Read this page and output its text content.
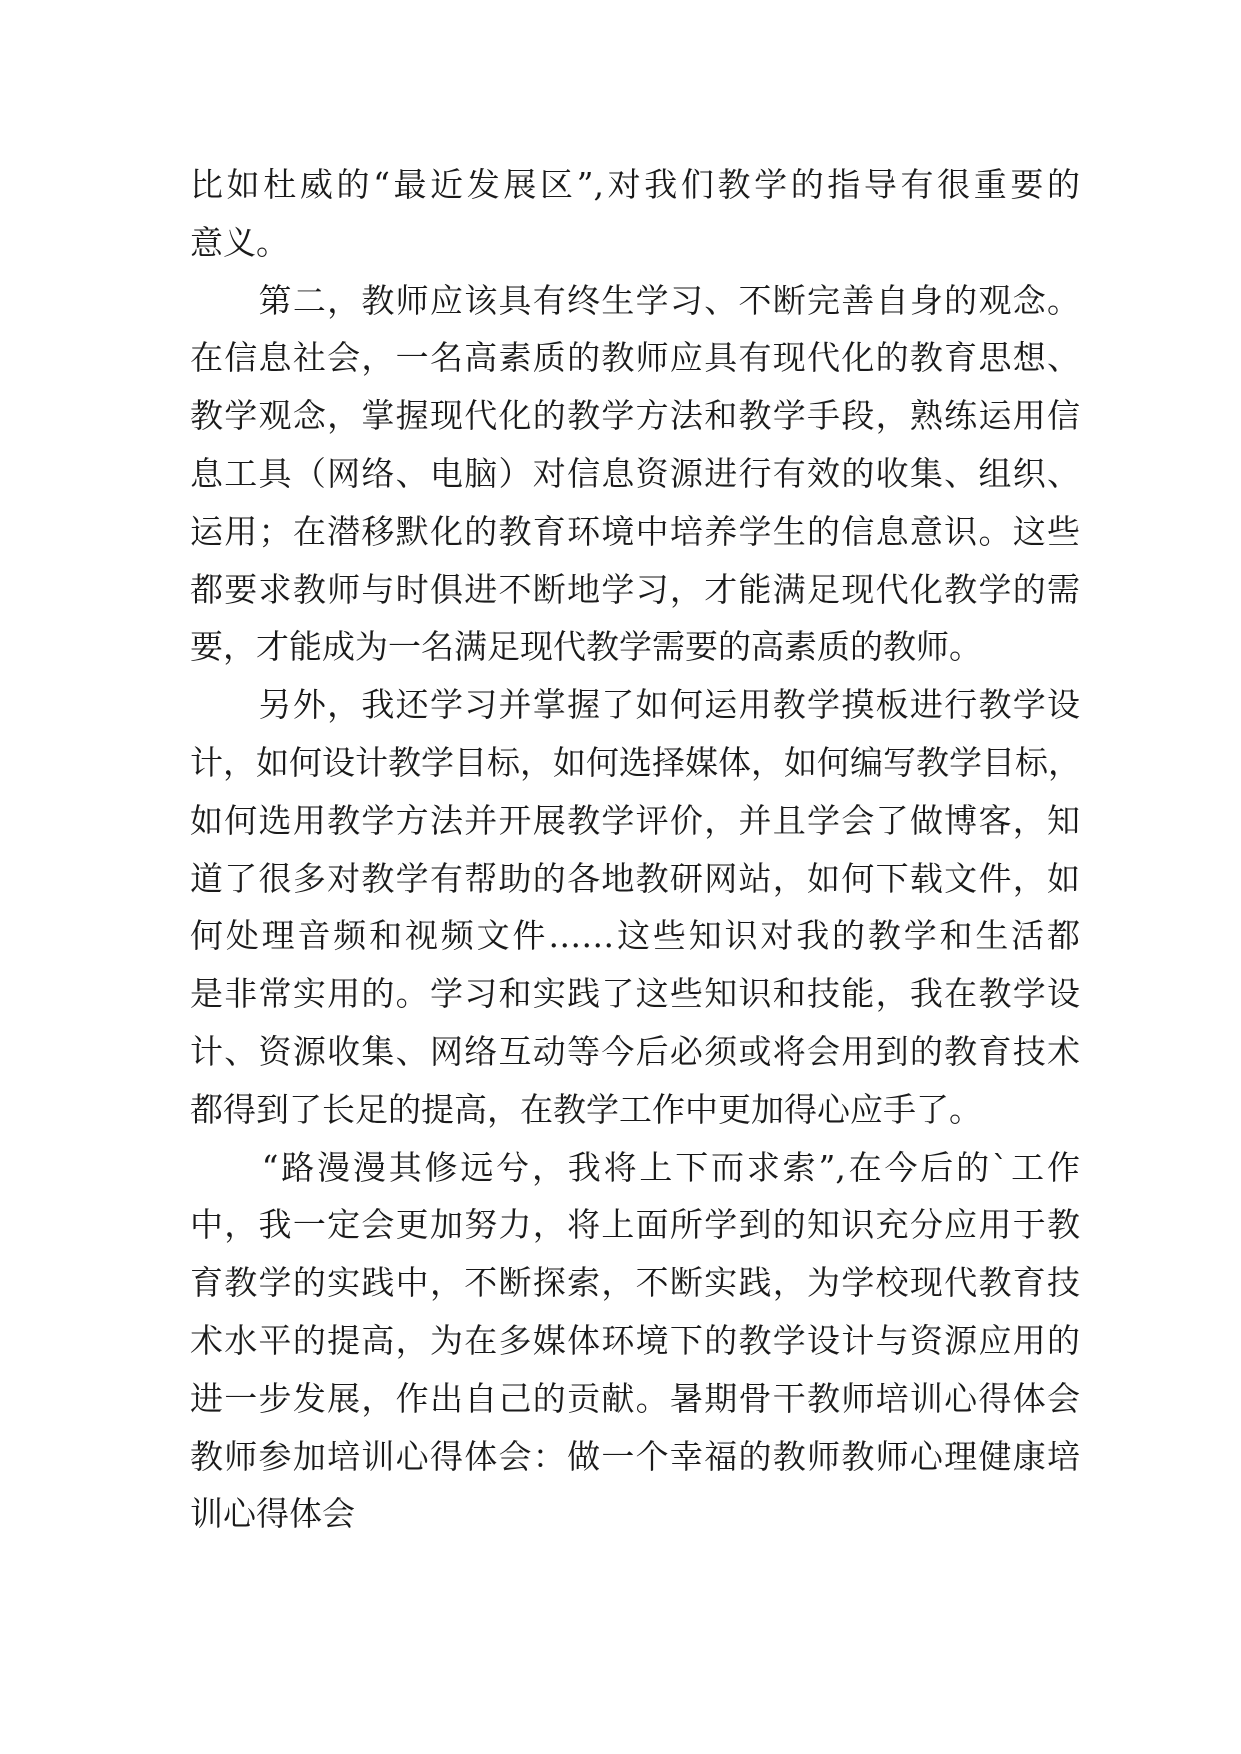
比如杜威的“最近发展区”,对我们教学的指导有很重要的
意义。
　　第二，教师应该具有终生学习、不断完善自身的观念。
在信息社会，一名高素质的教师应具有现代化的教育思想、
教学观念，掌握现代化的教学方法和教学手段，熟练运用信
息工具（网络、电脑）对信息资源进行有效的收集、组织、
运用；在潜移默化的教育环境中培养学生的信息意识。这些
都要求教师与时俱进不断地学习，才能满足现代化教学的需
要，才能成为一名满足现代教学需要的高素质的教师。
　　另外，我还学习并掌握了如何运用教学摸板进行教学设
计，如何设计教学目标，如何选择媒体，如何编写教学目标，
如何选用教学方法并开展教学评价，并且学会了做博客，知
道了很多对教学有帮助的各地教研网站，如何下载文件，如
何处理音频和视频文件……这些知识对我的教学和生活都
是非常实用的。学习和实践了这些知识和技能，我在教学设
计、资源收集、网络互动等今后必须或将会用到的教育技术
都得到了长足的提高，在教学工作中更加得心应手了。
　　“路漫漫其修远兮，我将上下而求索”,在今后的`工作
中，我一定会更加努力，将上面所学到的知识充分应用于教
育教学的实践中，不断探索，不断实践，为学校现代教育技
术水平的提高，为在多媒体环境下的教学设计与资源应用的
进一步发展，作出自己的贡献。暑期骨干教师培训心得体会
教师参加培训心得体会：做一个幸福的教师教师心理健康培
训心得体会
